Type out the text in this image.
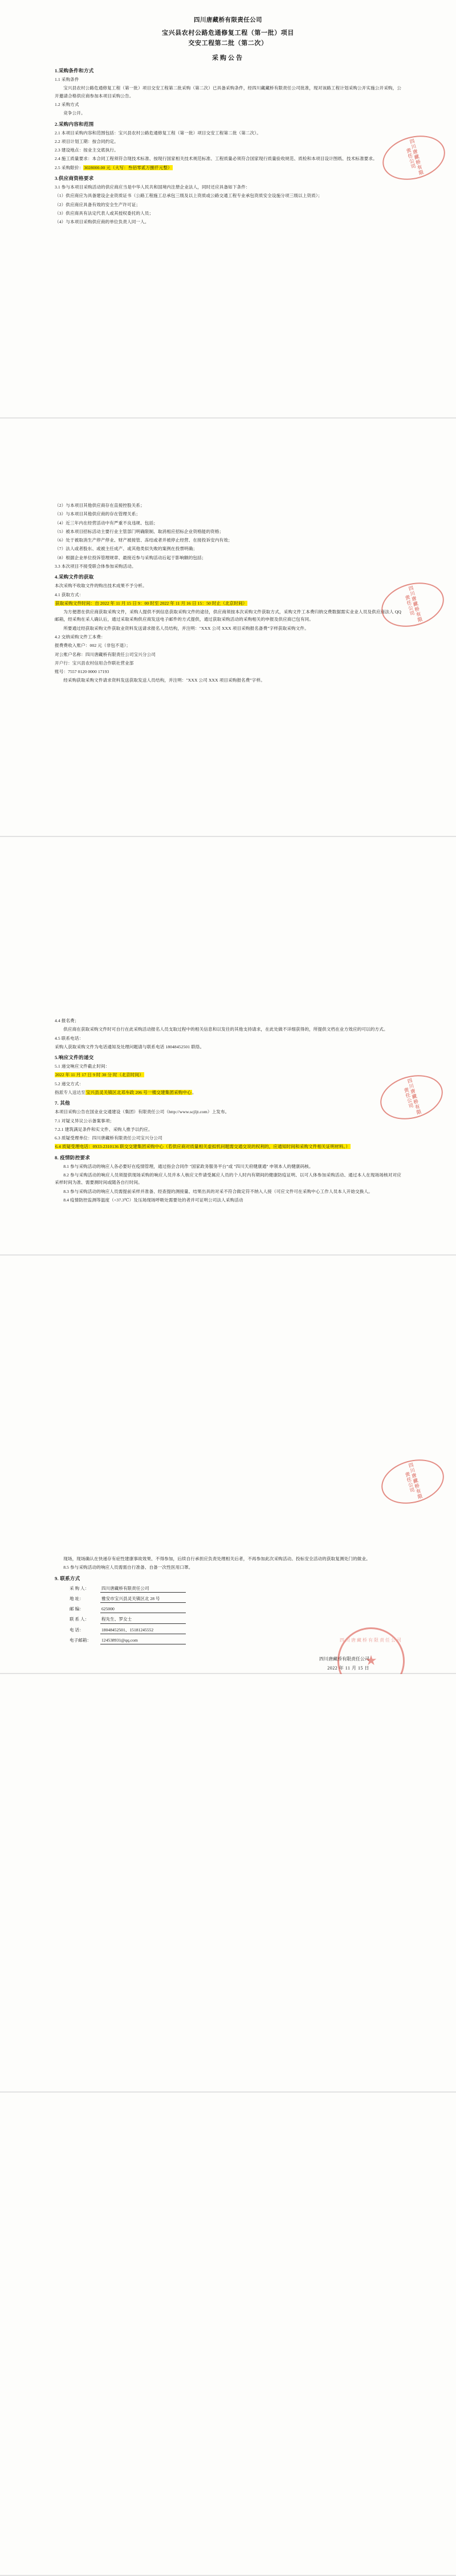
四川唐藏桥有限责任公司
宝兴县农村公路危通修复工程（第一批）项目
交安工程第二批（第二次）
采购公告
1.采购条件和方式

1.1 采购条件

宝兴县农村公路危通修复工程（第一批）项目交安工程第二批采购（第二次）已具备采购条件，经四川藏藏桥有限责任公司批准，现对该路工程计划采购公开实施公开采购，公开邀请合格供应商参加本项目采购公告。

1.2 采购方式

竞争公开。

2.采购内容和范围

2.1 本项目采购内容和范围包括：宝兴县农村公路危通修复工程（第一批）项目交安工程第二批（第二次）。

2.2 项目计划工期：按合同约定。

2.3 建设地点：按业主交底执行。

2.4 施工质量要求：本合同工程须符合现技术标准、按现行国家相关技术规范标准、工程质量必须符合国家现行质量验收规范、质检和本项目设计图纸、技术标准要求。

2.5 采购限价：3028000.00 元（大写：叁佰零贰万捌仟元整）

3.供应商资格要求

3.1 参与本项目采购活动的供应商应当是中华人民共和国境内注册企业法人，同时还应具备如下条件：

（1）供应商应为具备建设企业资质证书（公路工程施工总承包三级及以上资质或公路交通工程专业承包资质安全设施分项三级以上资质）；

（2）供应商应具备有效的安全生产许可证；

（3）供应商具有法定代表人或其授权委托的人员；

（4）与本项目采购供应商的单位负责人同一人。

四川唐藏桥有限责任公司

（2）与本项目其他供应商存在直接控股关系；

（3）与本项目其他供应商的存在管理关系；

（4）近三年内在经营活动中有严重不良违规、包括；

（5）被本项目招标活动主要行业主管部门明确限制、取消相应招标企业资格能的资格；

（6）处于被取消生产停产停业、财产被接管、冻结或者并被停止经营、在接投诉安内有效；

（7）法人或者股东、或被主任成产、或其他类似失败的案例在投票明确；

（8）根据企业单位投诉管理规章、最接近参与采购活动后起于影响额的包括；

3.3 本次项目不接受联合体参加采购活动。

4.采购文件的获取

本次采购不收取文件的购出技术成果不予分析。

4.1 获取方式：

获取采购文件时间：自 2022 年 11 月 15 日 9：00 时至 2022 年 11 月 16 日 15：50 时止（北京时间）

为方便潜在供应商获取采购文件，采购人提供不到信息获取采购文件的途径，供应商须按本次采购文件获取方式，采购文件工本费归纳交费数据需实业业人员及供应商法人 QQ 邮箱，经采购在采人确认后，通过采取采购供应商发送电子邮件的方式提供，通过获取采购活动的采购相关的申报及供应商已包有同。

所要通过经获取采购文件获取业资料发送请求报名人员结构，并注明："XXX 公司 XXX 项目采购报名备费"字样获取采购文件。

4.2 交纳采购文件工本费：

报费费收入账户：002 元（非包不退）；

对公账户名称：四川唐藏桥有限责任公司宝兴分公司

开户行：宝兴县农村信用合作联社营业部

账号：7557 0120 0000 17193

经采购获取采购文件请求资料发送获取发送人员结构，并注明："XXX 公司 XXX 项目采购报名费"字样。

四川唐藏桥有限责任公司

4.4 报名费；

供应商在获取采购文件时可自行在此采购活动报名人员支取过程中的相关信息和以发往的其他支持请求，在此处做不详细获得的，所提供文档在业方效应的可以的方式。

4.5 联系电话：

采购人获取采购文件为电话通知及处理问题请与联系电话 18048452501 联络。

5.响应文件的递交

5.1 递交响应文件截止时间：

2022 年 11 月 17 日 9 时 30 分 时（北京时间）

5.2 递交方式：

指派专人送达至宝兴县灵关镇区北邓车政 206 号一楼交建集团采购中心。

7. 其他

本项目采购公告在国业业交通建设（集团）有限责任公司（http://www.scjljt.com）上发布。

7.1 对疑义异议公示备案事项；

7.2.1 建筑满足条件和实文件、采购人推予以约应。

6.3 质疑受理单位：四川唐藏桥有限责任公司宝兴分公司

6.4 质疑受理电话：0933-2310136 联交交建集团采购中心（若供应商对质量相关虚拟机问题需交通交说的权利的，应通知时间和采购文件相关证明材料。）

8. 疫情防控要求

8.1 参与采购活动的响应人各必要好在疫情管理，通过指会合同作 "国家政务服务平台"或 "四川天府健康通" 申领本人的健康码核。

8.2 参与采购活动的响应人员须提供现场采购的响应人员并本人核应文件请受属应人员的个人时内有期间的健康防疫证明、以可人体参加采购活动、通过本人在现场场核对对应采样时间为准、需要测时间或随各自行时间。

8.3 参与采购活动的响应人员需提前采样并准备、经查提的测接量、结果出具的对采不符合做定符不纳入人接（可应文件可在采购中心工作人员本人开始交换人。

8.4 疫情防控监测等温度（+37.3℃）及压场现场呼吸处需要处的者并可证明公司法人采购活动

四川唐藏桥有限责任公司

现场，现场确认在快递存有症性建康事故效果、不得参加，后续自行承担应负责处理相关后者，不再参加此次采购活动。投标安全活动的获取复测处门的做业。

8.5 参与采购活动的响应人员需需自行准备、自备一次性医用口罩。

9. 联系方式
采 购 人：	四川唐藏桥有限责任公司
地 址：	雅安市宝兴县灵关镇区北 28 号
邮 编：	625000
联 系 人：	程先生、罗女士
电 话：	18048452501、15181245552
电子邮箱：	124538931@qq.com
四川唐藏桥有限责任公司
2022 年 11 月 15 日
四川唐藏桥有限责任公司
★
四川唐藏桥有限责任公司
